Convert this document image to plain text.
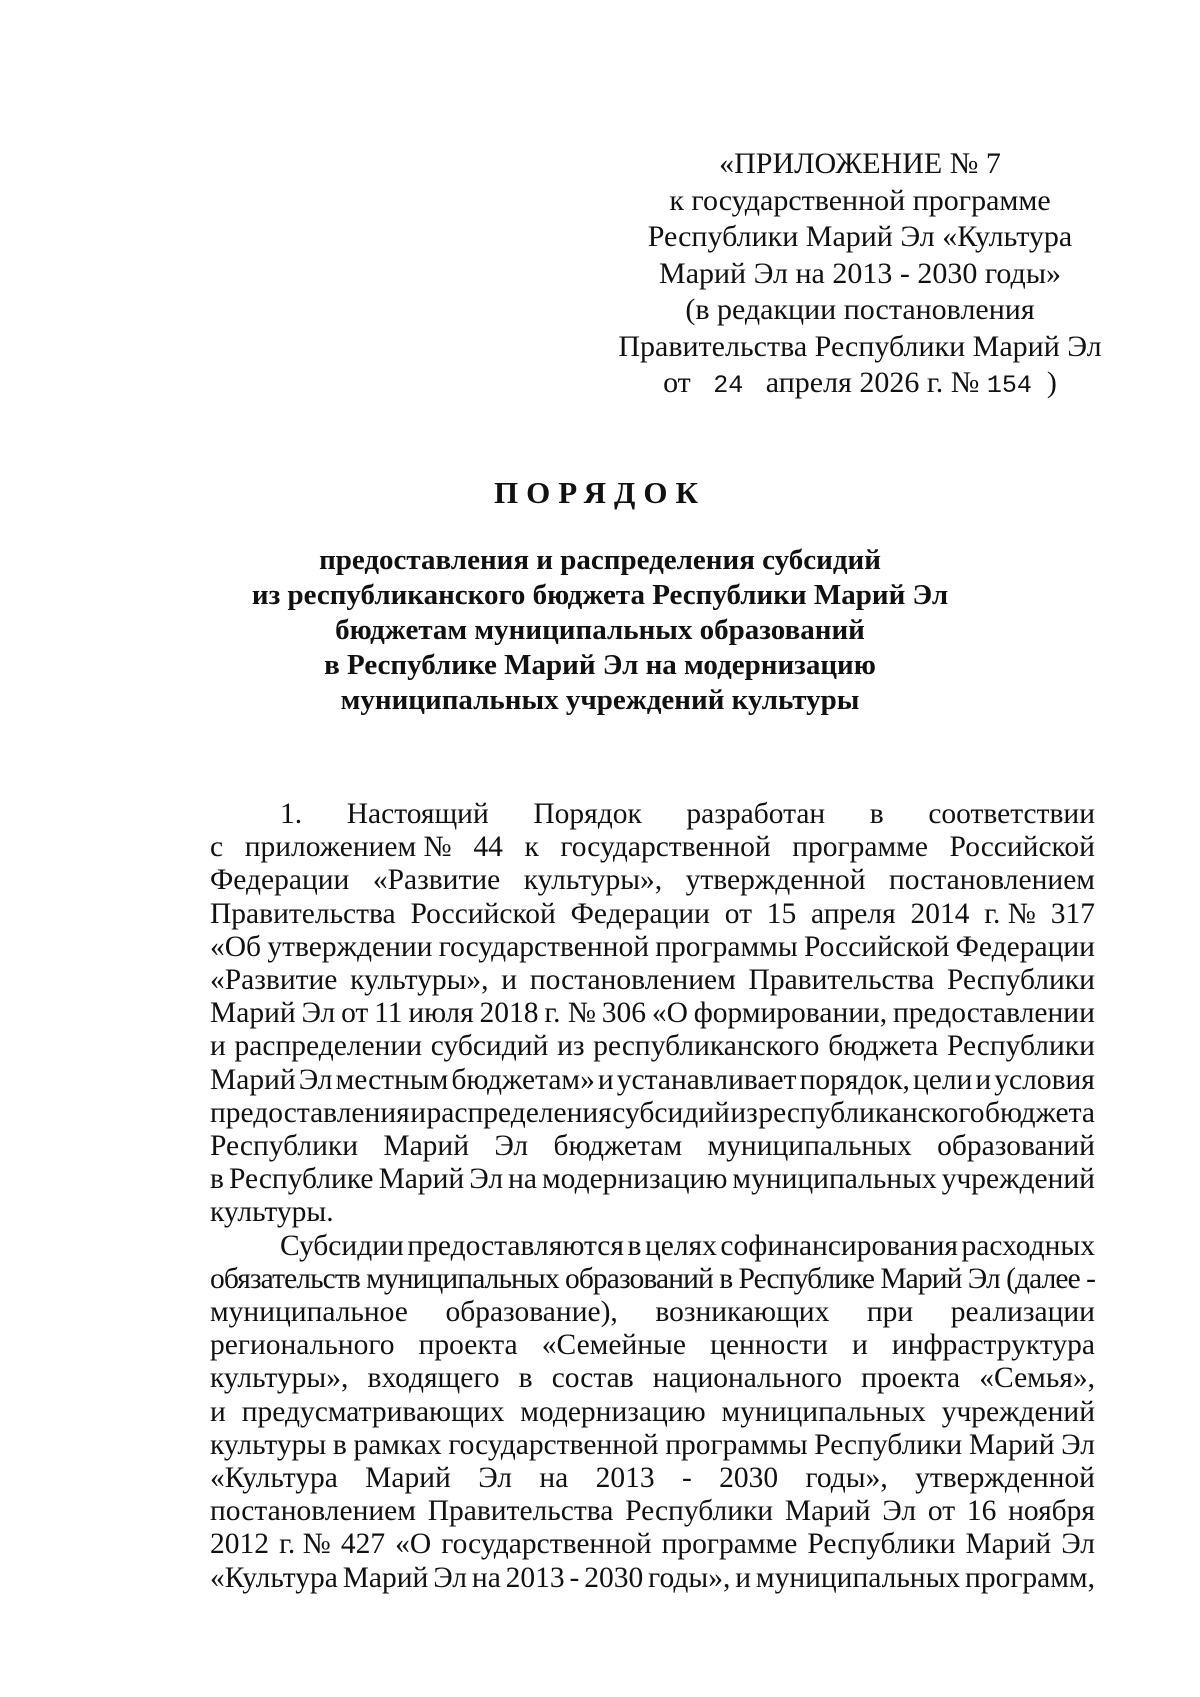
«ПРИЛОЖЕНИЕ № 7
к государственной программе
Республики Марий Эл «Культура
Марий Эл на 2013 - 2030 годы»
(в редакции постановления
Правительства Республики Марий Эл
от 24 апреля 2026 г. № 154 )
ПОРЯДОК
предоставления и распределения субсидий
из республиканского бюджета Республики Марий Эл
бюджетам муниципальных образований
в Республике Марий Эл на модернизацию
муниципальных учреждений культуры

1. Настоящий Порядок разработан в соответствии
с приложением № 44 к государственной программе Российской
Федерации «Развитие культуры», утвержденной постановлением
Правительства Российской Федерации от 15 апреля 2014 г. № 317
«Об утверждении государственной программы Российской Федерации
«Развитие культуры», и постановлением Правительства Республики
Марий Эл от 11 июля 2018 г. № 306 «О формировании, предоставлении
и распределении субсидий из республиканского бюджета Республики
Марий Эл местным бюджетам» и устанавливает порядок, цели и условия
предоставления и распределения субсидий из республиканского бюджета
Республики Марий Эл бюджетам муниципальных образований
в Республике Марий Эл на модернизацию муниципальных учреждений
культуры.

Субсидии предоставляются в целях софинансирования расходных
обязательств муниципальных образований в Республике Марий Эл (далее -
муниципальное образование), возникающих при реализации
регионального проекта «Семейные ценности и инфраструктура
культуры», входящего в состав национального проекта «Семья»,
и предусматривающих модернизацию муниципальных учреждений
культуры в рамках государственной программы Республики Марий Эл
«Культура Марий Эл на 2013 - 2030 годы», утвержденной
постановлением Правительства Республики Марий Эл от 16 ноября
2012 г. № 427 «О государственной программе Республики Марий Эл
«Культура Марий Эл на 2013 - 2030 годы», и муниципальных программ,
